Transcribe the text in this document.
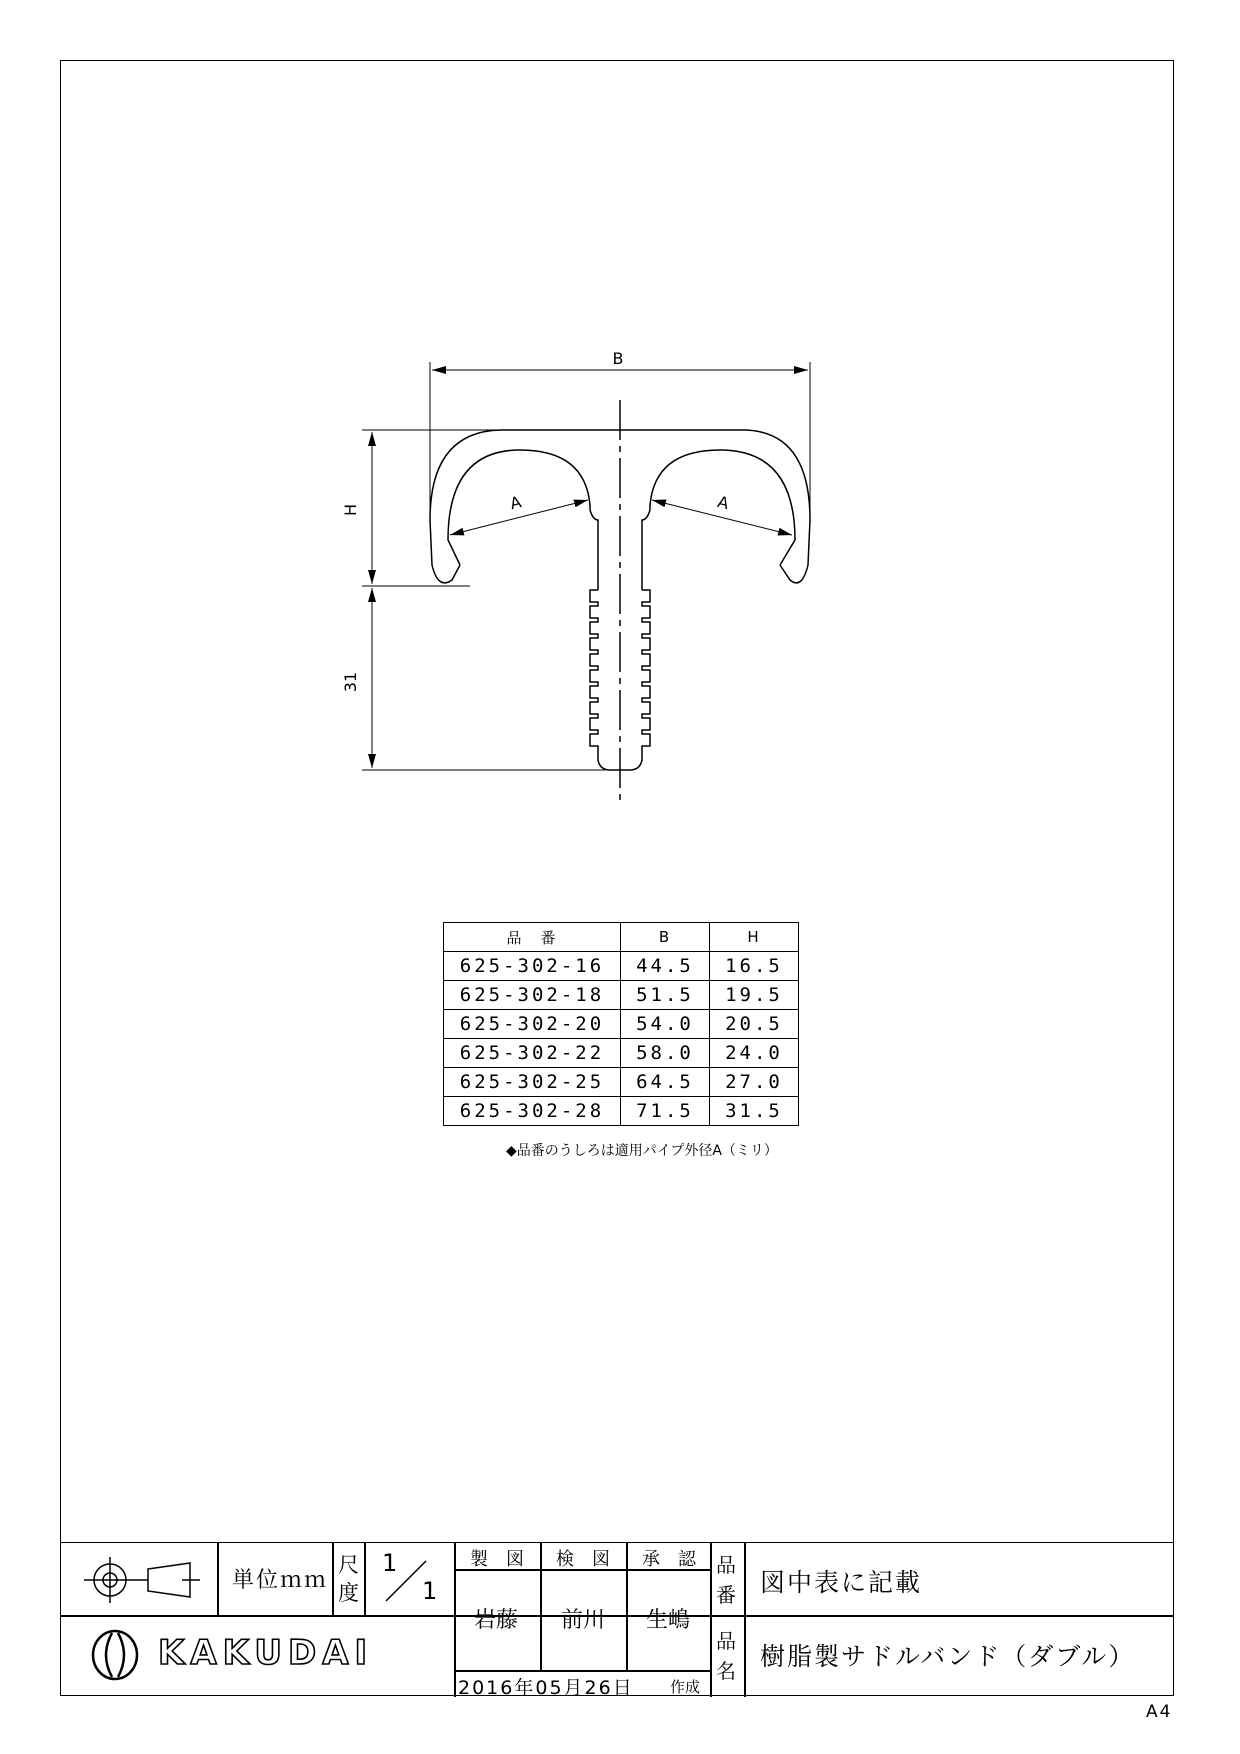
B
H
31
A	A
品　番	B	H
625-302-16	44.5	16.5
625-302-18	51.5	19.5
625-302-20	54.0	20.5
625-302-22	58.0	24.0
625-302-25	64.5	27.0
625-302-28	71.5	31.5
◆品番のうしろは適用パイプ外径A（ミリ）
単位ｍｍ
尺
度
1
1
製　図 検　図 承　認
岩藤 前川 生嶋
品
番 図中表に記載
品
名 樹脂製サドルバンド（ダブル）
KAKUDAI
2016年05月26日 作成
A4
